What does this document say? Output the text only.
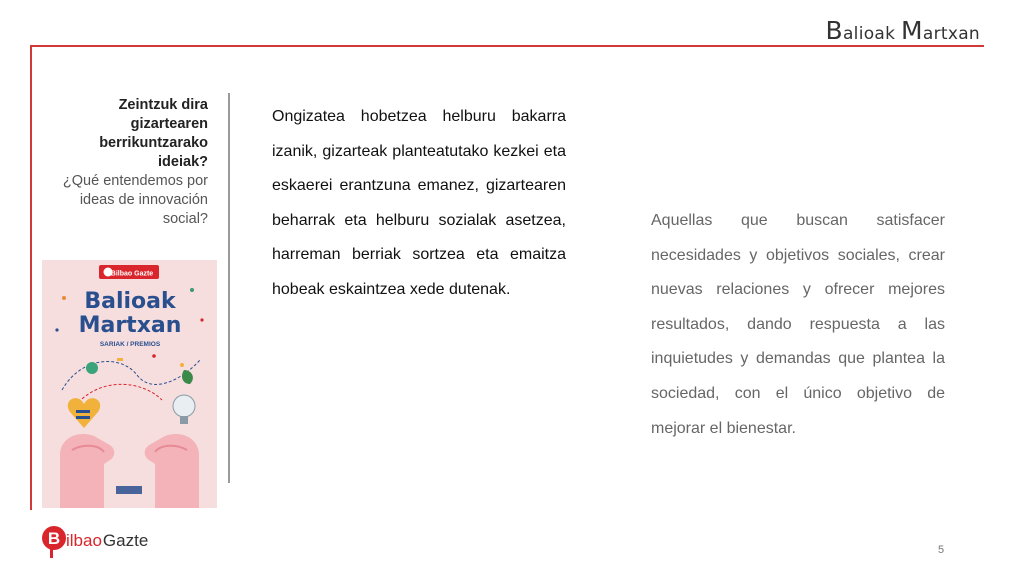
Balioak Martxan
Zeintzuk dira gizartearen berrikuntzarako ideiak?
¿Qué entendemos por ideas de innovación social?
Bilbao Gazte
Balioak
Martxan
SARIAK / PREMIOS
Ongizatea hobetzea helburu bakarra izanik, gizarteak planteatutako kezkei eta eskaerei erantzuna emanez, gizartearen beharrak eta helburu sozialak asetzea, harreman berriak sortzea eta emaitza hobeak eskaintzea xede dutenak.
Aquellas que buscan satisfacer necesidades y objetivos sociales, crear nuevas relaciones y ofrecer mejores resultados, dando respuesta a las inquietudes y demandas que plantea la sociedad, con el único objetivo de mejorar el bienestar.
B ilbaoGazte	5
